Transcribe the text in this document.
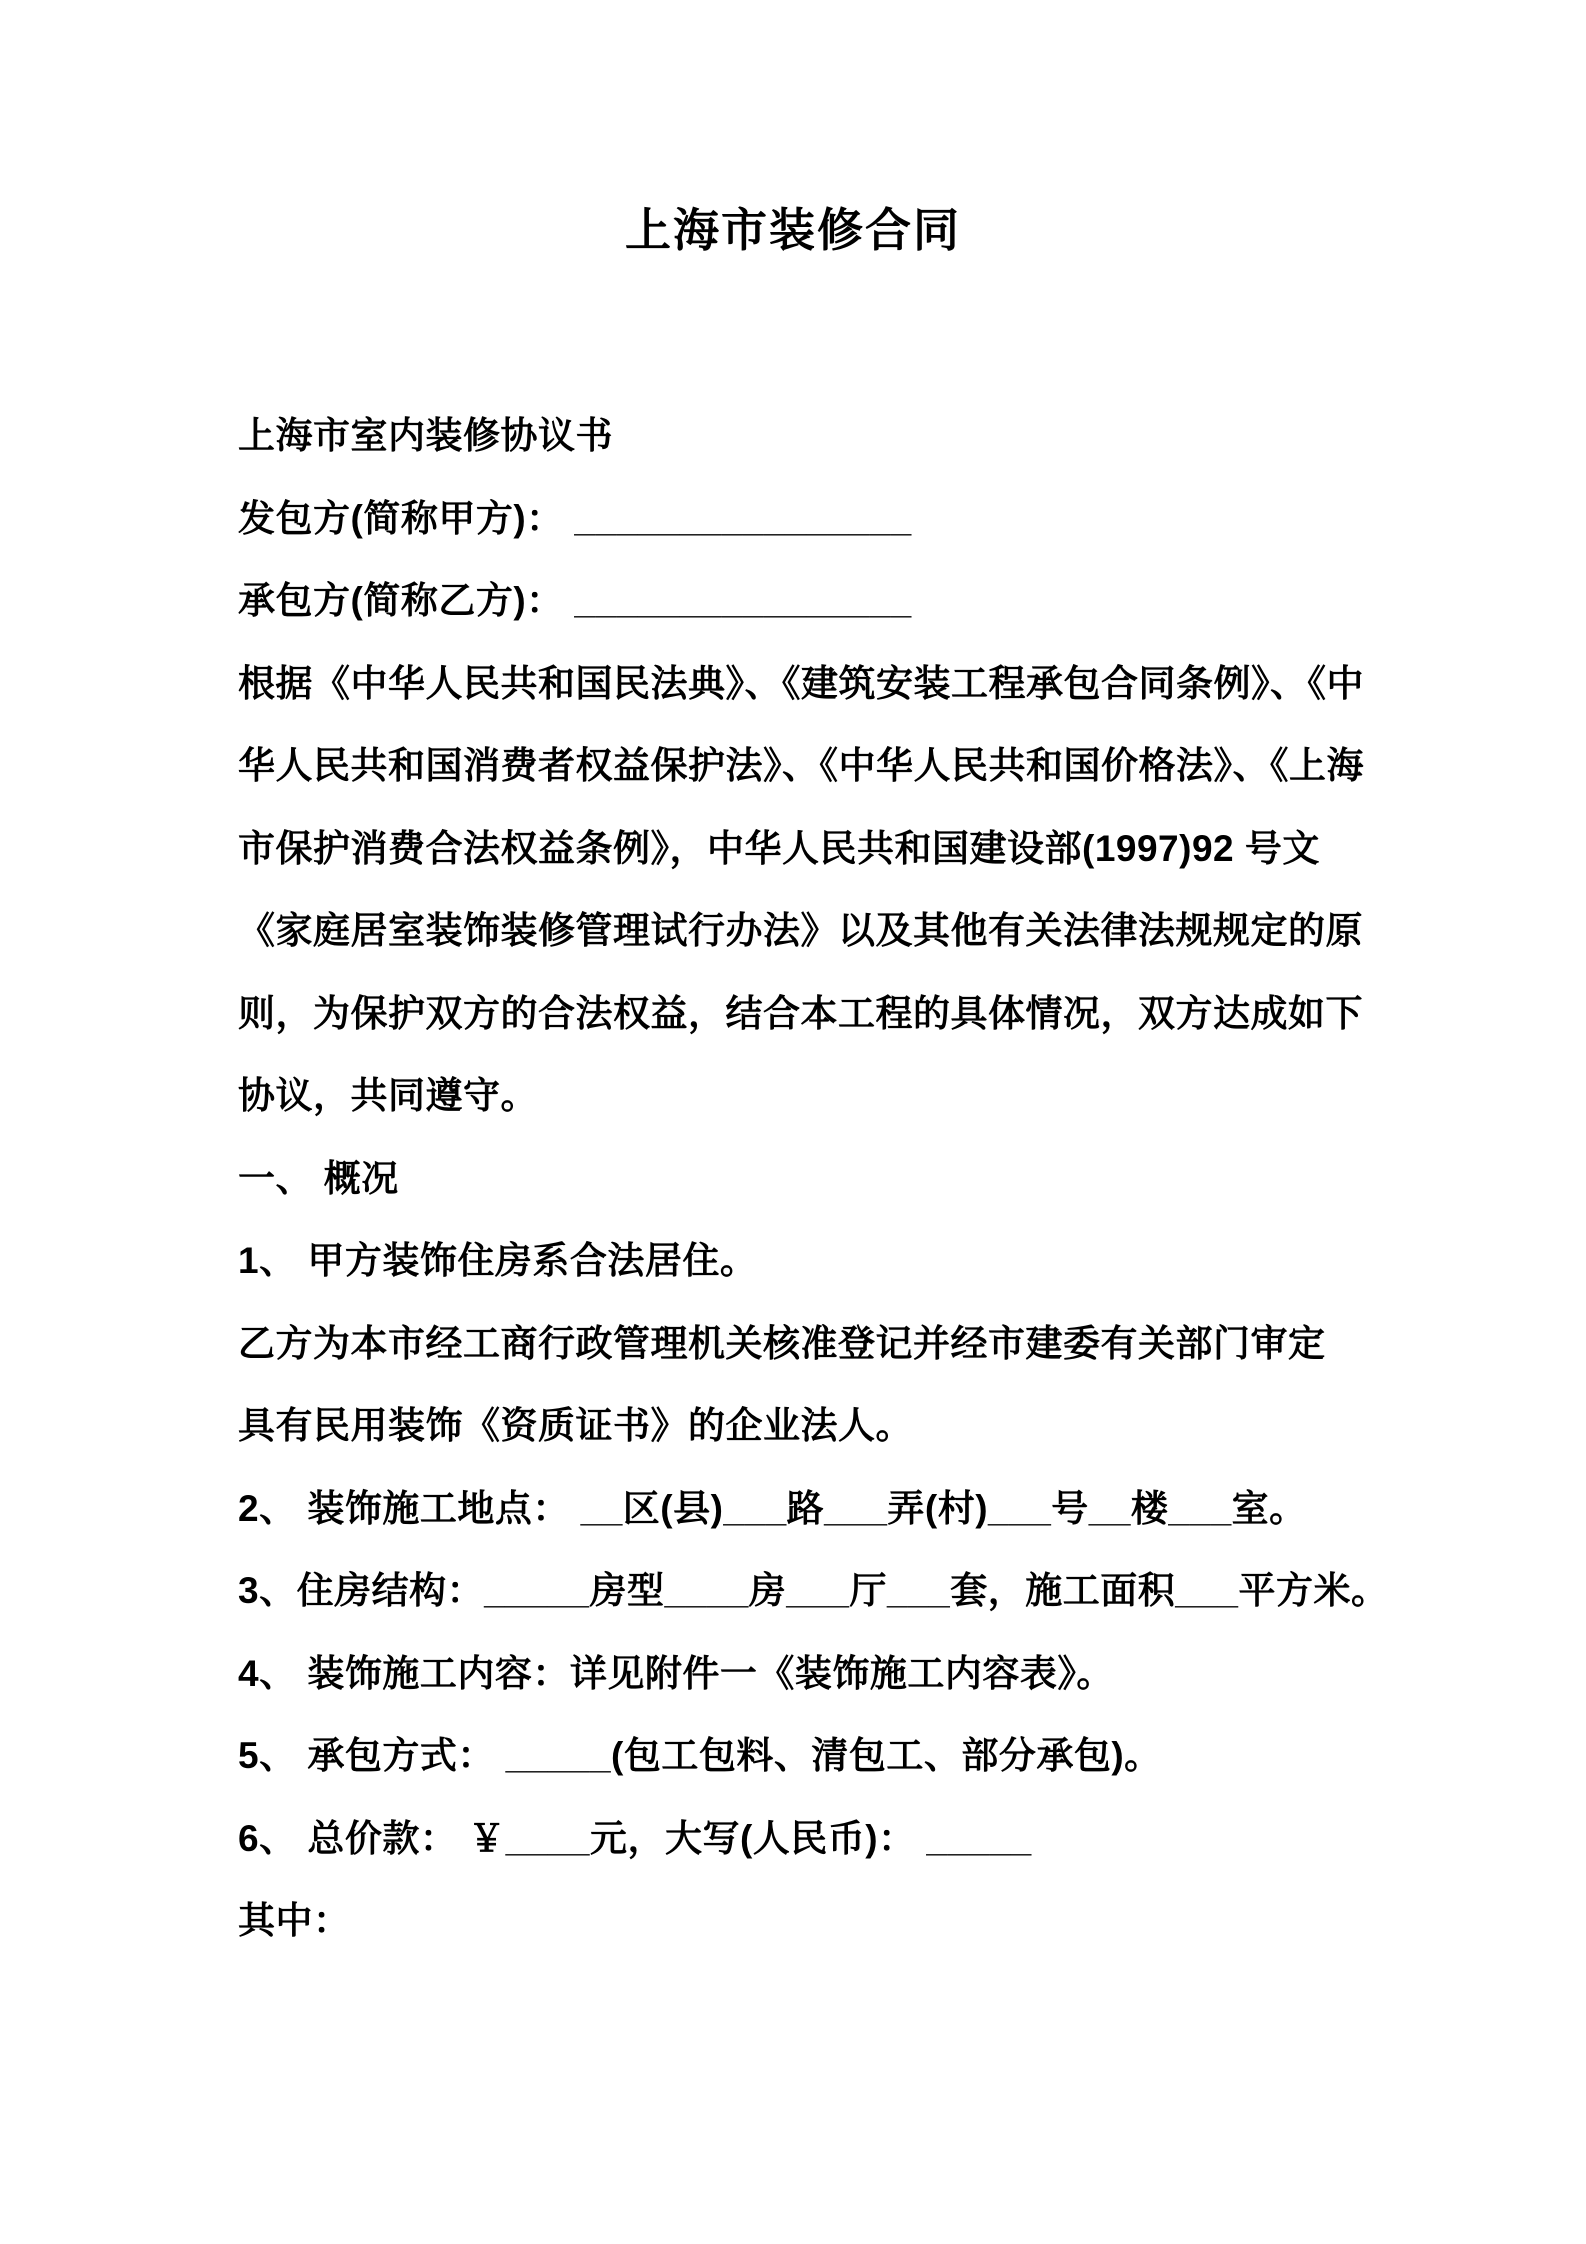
上海市装修合同

上海市室内装修协议书

发包方(简称甲方)： ________________

承包方(简称乙方)： ________________

根据《中华人民共和国民法典》、《建筑安装工程承包合同条例》、《中

华人民共和国消费者权益保护法》、《中华人民共和国价格法》、《上海

市保护消费合法权益条例》，中华人民共和国建设部(1997)92 号文

《家庭居室装饰装修管理试行办法》以及其他有关法律法规规定的原

则，为保护双方的合法权益，结合本工程的具体情况，双方达成如下

协议，共同遵守。

一、 概况

1、 甲方装饰住房系合法居住。

乙方为本市经工商行政管理机关核准登记并经市建委有关部门审定

具有民用装饰《资质证书》的企业法人。

2、 装饰施工地点： __区(县)___路___弄(村)___号__楼___室。

3、住房结构：_____房型____房___厅___套，施工面积___平方米。

4、 装饰施工内容：详见附件一《装饰施工内容表》。

5、 承包方式： _____(包工包料、清包工、部分承包)。

6、 总价款： ￥____元，大写(人民币)： _____

其中：
